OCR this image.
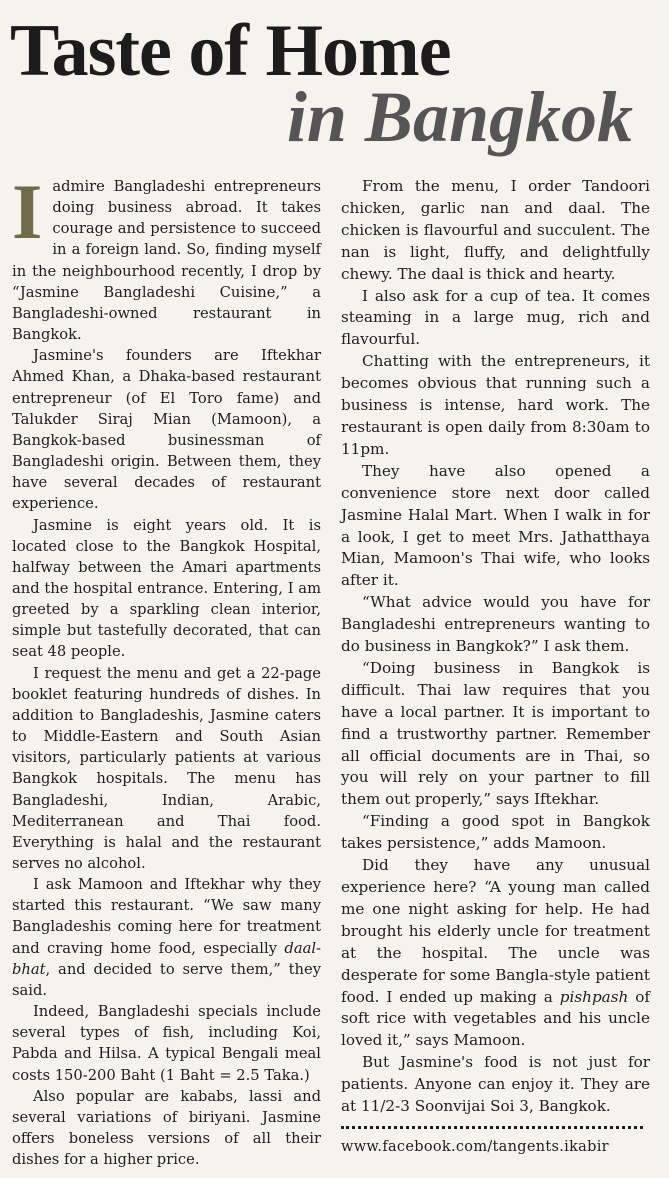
Taste of Home
in Bangkok

Iadmire Bangladeshi entrepreneurs doing business abroad. It takes courage and persistence to succeed in a foreign land. So, finding myself in the neighbourhood recently, I drop by “Jasmine Bangladeshi Cuisine,” a Bangladeshi-owned restaurant in Bangkok.

Jasmine's founders are Iftekhar Ahmed Khan, a Dhaka-based restaurant entrepreneur (of El Toro fame) and Talukder Siraj Mian (Mamoon), a Bangkok-based businessman of Bangladeshi origin. Between them, they have several decades of restaurant experience.

Jasmine is eight years old. It is located close to the Bangkok Hospital, halfway between the Amari apartments and the hospital entrance. Entering, I am greeted by a sparkling clean interior, simple but tastefully decorated, that can seat 48 people.

I request the menu and get a 22-page booklet featuring hundreds of dishes. In addition to Bangladeshis, Jasmine caters to Middle-Eastern and South Asian visitors, particularly patients at various Bangkok hospitals. The menu has Bangladeshi, Indian, Arabic, Mediterranean and Thai food. Everything is halal and the restaurant serves no alcohol.

I ask Mamoon and Iftekhar why they started this restaurant. “We saw many Bangladeshis coming here for treatment and craving home food, especially daal-bhat, and decided to serve them,” they said.

Indeed, Bangladeshi specials include several types of fish, including Koi, Pabda and Hilsa. A typical Bengali meal costs 150-200 Baht (1 Baht = 2.5 Taka.)

Also popular are kababs, lassi and several variations of biriyani. Jasmine offers boneless versions of all their dishes for a higher price.

From the menu, I order Tandoori chicken, garlic nan and daal. The chicken is flavourful and succulent. The nan is light, fluffy, and delightfully chewy. The daal is thick and hearty.

I also ask for a cup of tea. It comes steaming in a large mug, rich and flavourful.

Chatting with the entrepreneurs, it becomes obvious that running such a business is intense, hard work. The restaurant is open daily from 8:30am to 11pm.

They have also opened a convenience store next door called Jasmine Halal Mart. When I walk in for a look, I get to meet Mrs. Jathatthaya Mian, Mamoon's Thai wife, who looks after it.

“What advice would you have for Bangladeshi entrepreneurs wanting to do business in Bangkok?” I ask them.

“Doing business in Bangkok is difficult. Thai law requires that you have a local partner. It is important to find a trustworthy partner. Remember all official documents are in Thai, so you will rely on your partner to fill them out properly,” says Iftekhar.

“Finding a good spot in Bangkok takes persistence,” adds Mamoon.

Did they have any unusual experience here? “A young man called me one night asking for help. He had brought his elderly uncle for treatment at the hospital. The uncle was desperate for some Bangla-style patient food. I ended up making a pishpash of soft rice with vegetables and his uncle loved it,” says Mamoon.

But Jasmine's food is not just for patients. Anyone can enjoy it. They are at 11/2-3 Soonvijai Soi 3, Bangkok.

www.facebook.com/tangents.ikabir
